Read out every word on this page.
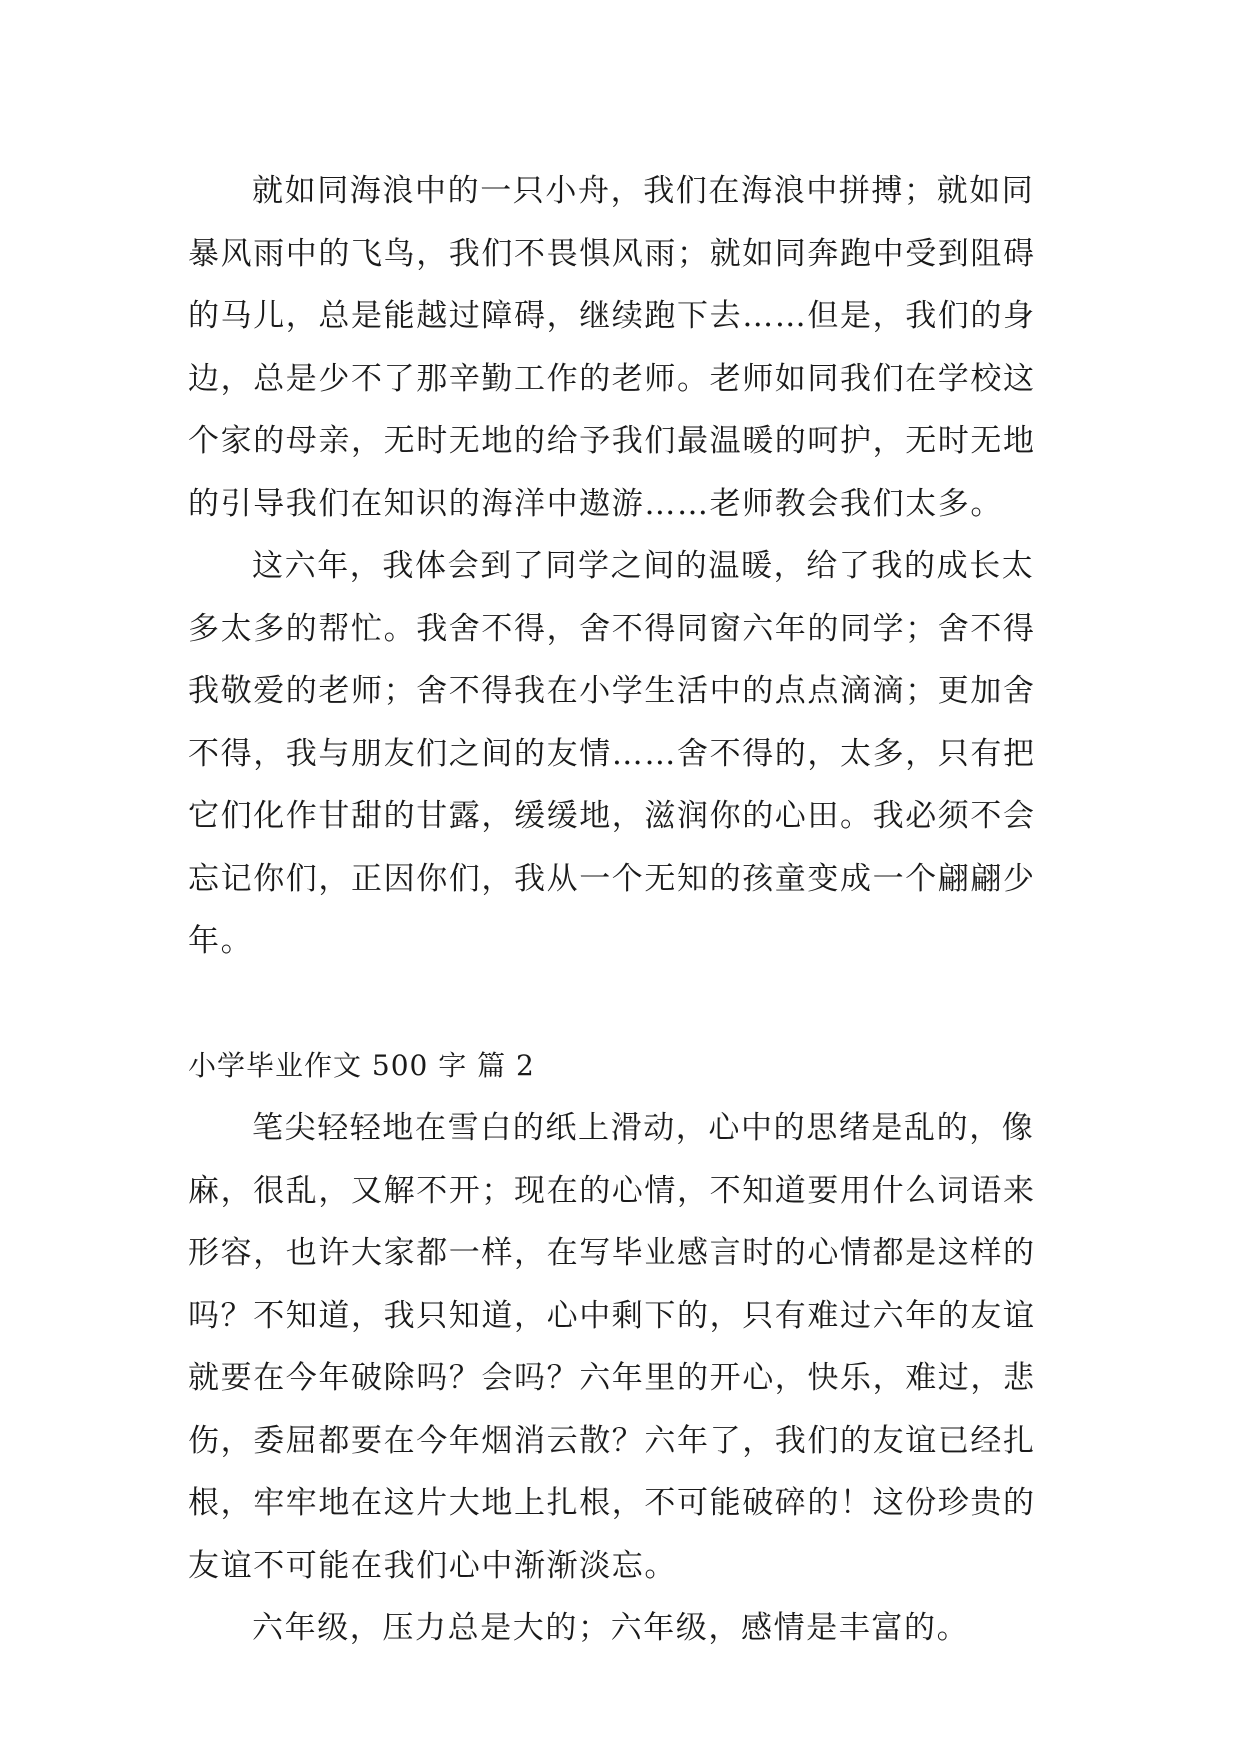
就如同海浪中的一只小舟，我们在海浪中拼搏；就如同
暴风雨中的飞鸟，我们不畏惧风雨；就如同奔跑中受到阻碍
的马儿，总是能越过障碍，继续跑下去……但是，我们的身
边，总是少不了那辛勤工作的老师。老师如同我们在学校这
个家的母亲，无时无地的给予我们最温暖的呵护，无时无地
的引导我们在知识的海洋中遨游……老师教会我们太多。
这六年，我体会到了同学之间的温暖，给了我的成长太
多太多的帮忙。我舍不得，舍不得同窗六年的同学；舍不得
我敬爱的老师；舍不得我在小学生活中的点点滴滴；更加舍
不得，我与朋友们之间的友情……舍不得的，太多，只有把
它们化作甘甜的甘露，缓缓地，滋润你的心田。我必须不会
忘记你们，正因你们，我从一个无知的孩童变成一个翩翩少
年。
小学毕业作文 500 字 篇 2
笔尖轻轻地在雪白的纸上滑动，心中的思绪是乱的，像
麻，很乱，又解不开；现在的心情，不知道要用什么词语来
形容，也许大家都一样，在写毕业感言时的心情都是这样的
吗？不知道，我只知道，心中剩下的，只有难过六年的友谊
就要在今年破除吗？会吗？六年里的开心，快乐，难过，悲
伤，委屈都要在今年烟消云散？六年了，我们的友谊已经扎
根，牢牢地在这片大地上扎根，不可能破碎的！这份珍贵的
友谊不可能在我们心中渐渐淡忘。
六年级，压力总是大的；六年级，感情是丰富的。
